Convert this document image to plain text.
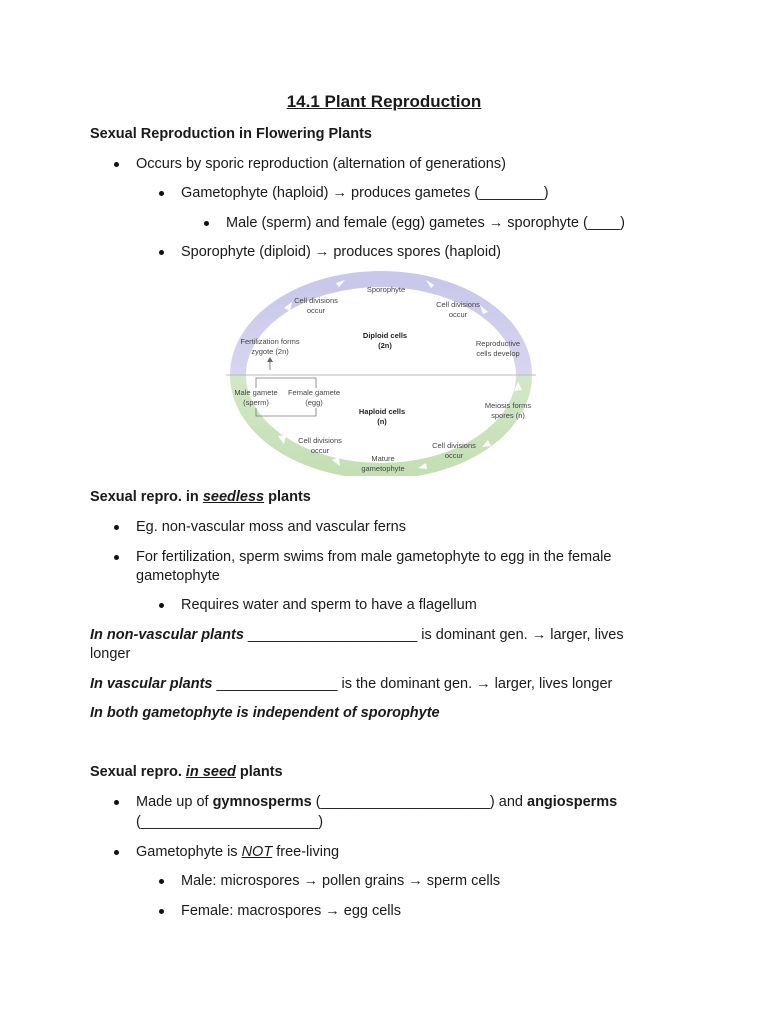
14.1 Plant Reproduction
Sexual Reproduction in Flowering Plants
Occurs by sporic reproduction (alternation of generations)
Gametophyte (haploid) → produces gametes (________)
Male (sperm) and female (egg) gametes → sporophyte (____)
Sporophyte (diploid) → produces spores (haploid)
Sporophyte
Cell divisions
occur
Cell divisions
occur
Diploid cells
(2n)
Fertilization forms
zygote (2n)
Reproductive
cells develop
Male gamete
(sperm)
Female gamete
(egg)
Haploid cells
(n)
Meiosis forms
spores (n)
Cell divisions
occur
Cell divisions
occur
Mature
gametophyte
Sexual repro. in seedless plants
Eg. non-vascular moss and vascular ferns
For fertilization, sperm swims from male gametophyte to egg in the female
gametophyte
Requires water and sperm to have a flagellum
In non-vascular plants _____________________ is dominant gen. → larger, lives
longer
In vascular plants _______________ is the dominant gen. → larger, lives longer
In both gametophyte is independent of sporophyte
Sexual repro. in seed plants
Made up of gymnosperms (_____________________) and angiosperms
(______________________)
Gametophyte is NOT free-living
Male: microspores → pollen grains → sperm cells
Female: macrospores → egg cells
